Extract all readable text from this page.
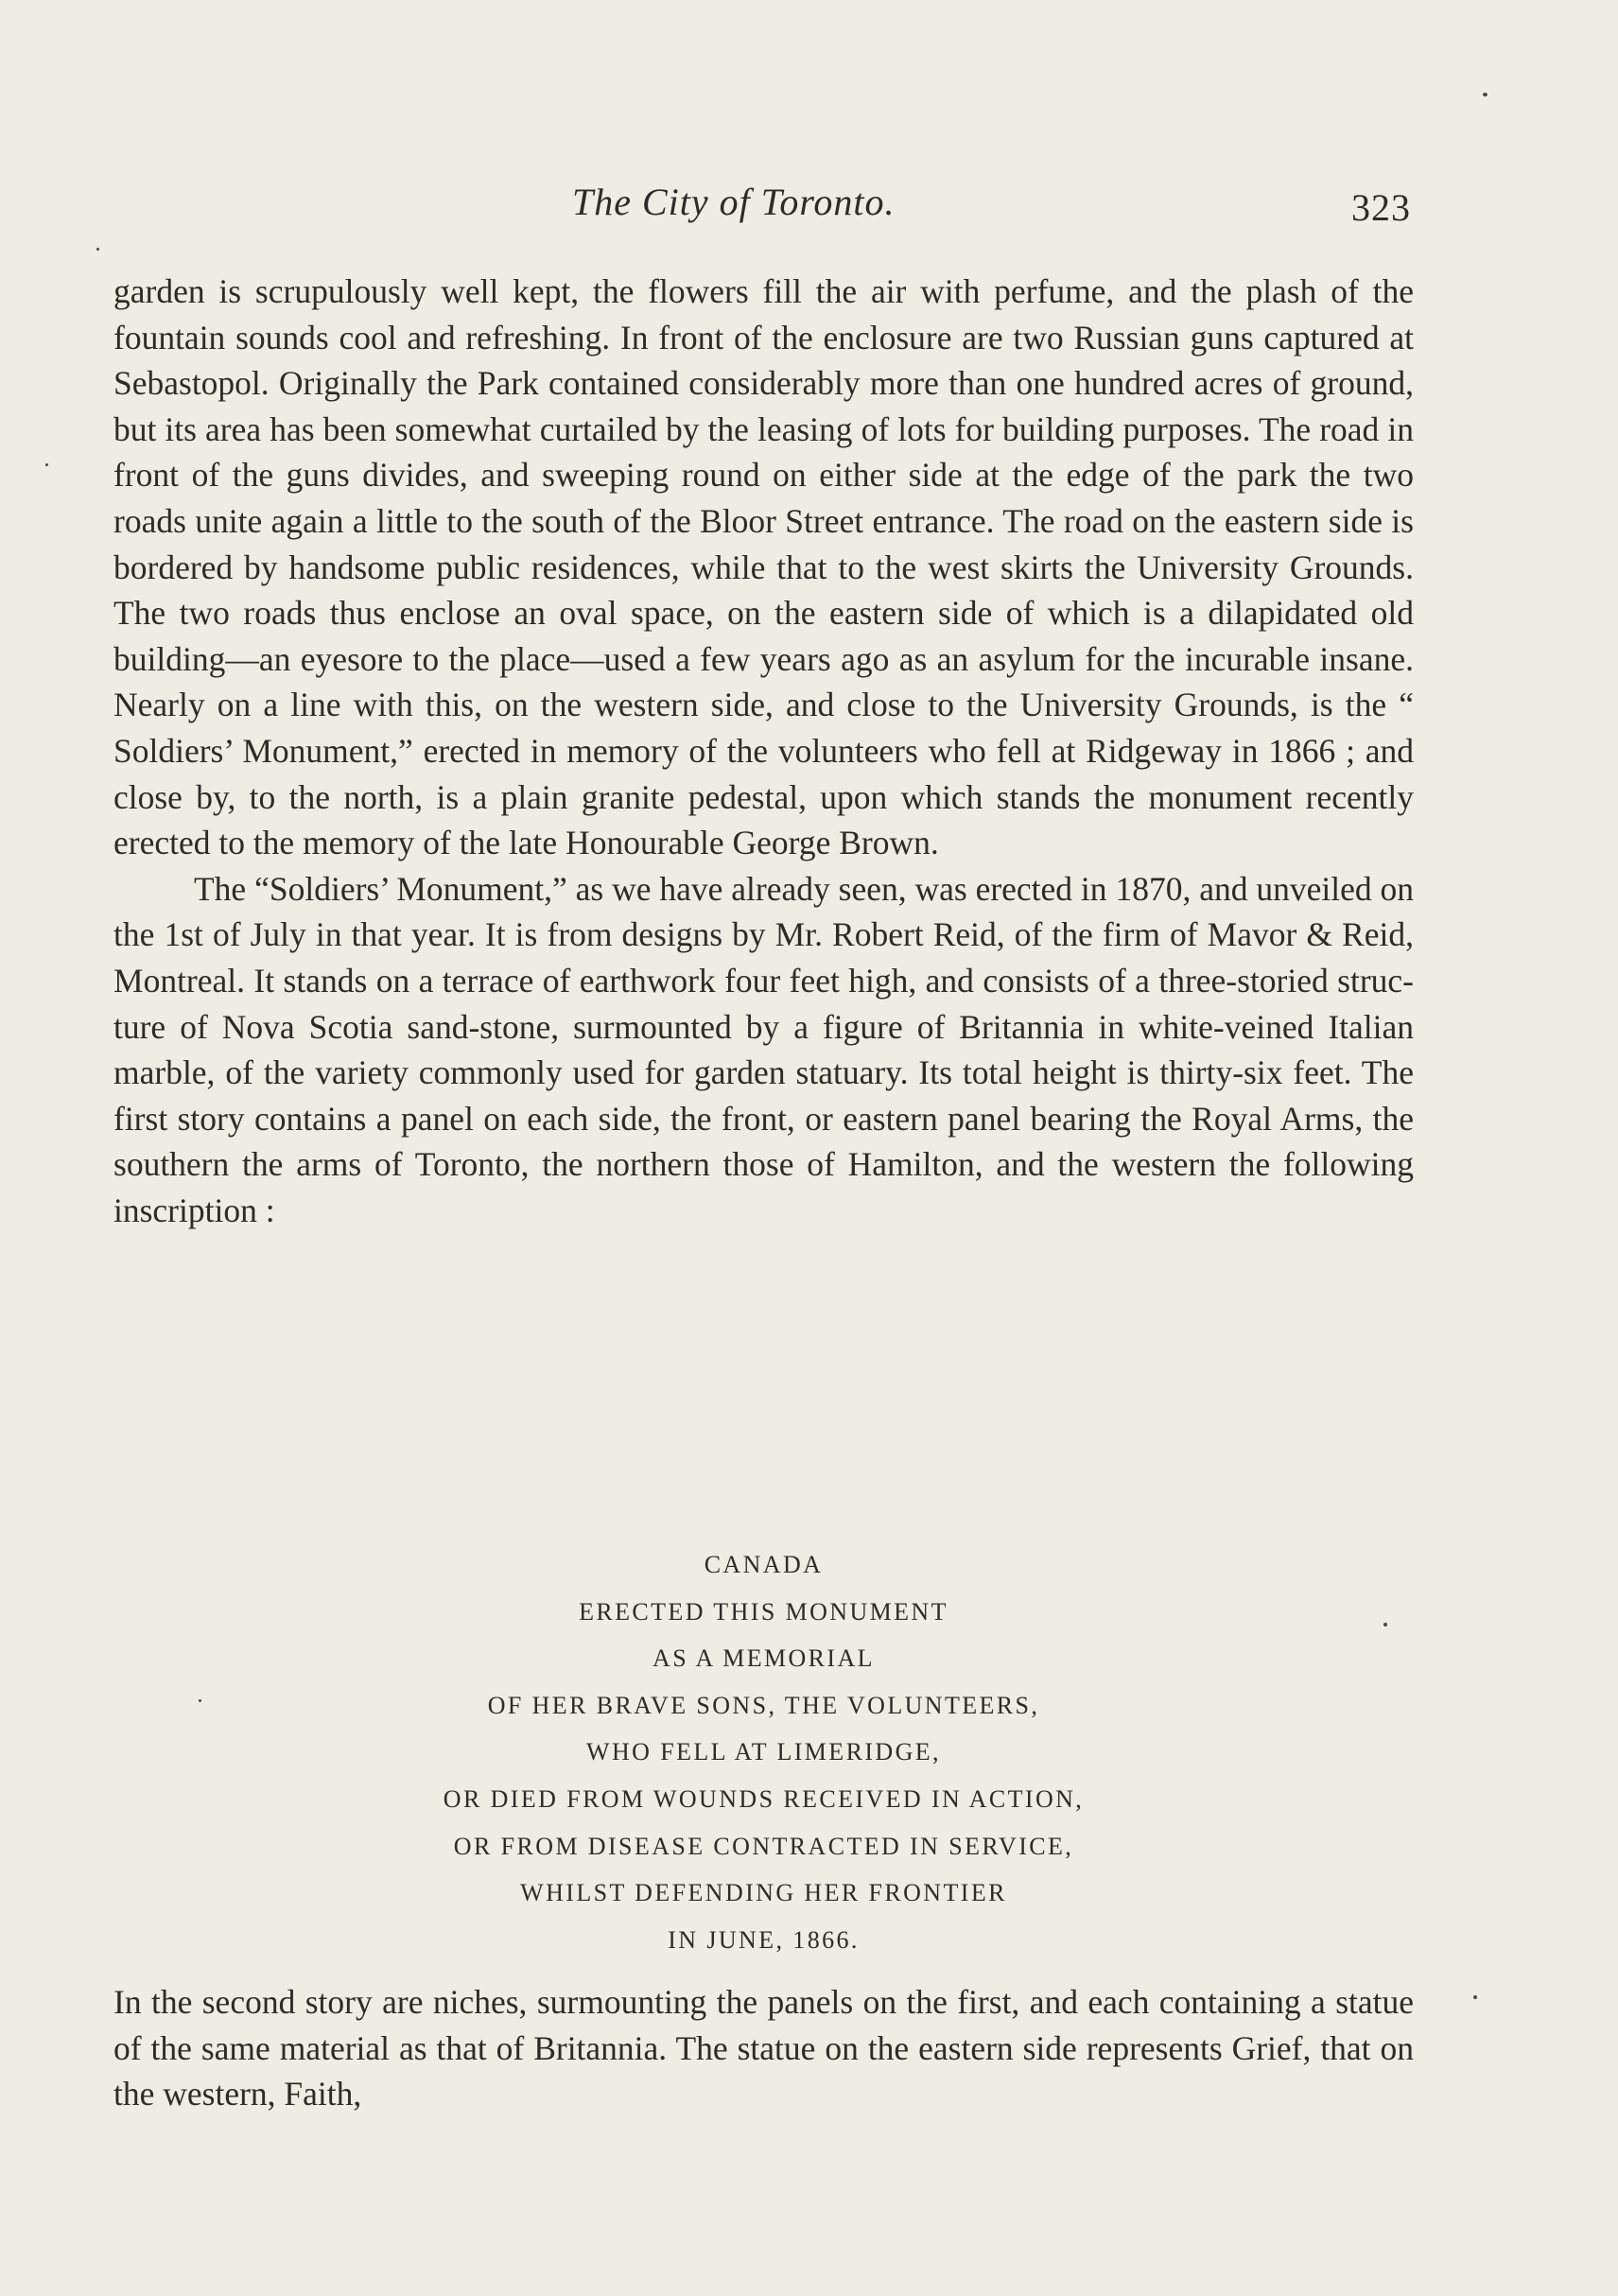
The City of Toronto.	323

garden is scrupulously well kept, the flowers fill the air with perfume, and the plash of the fountain sounds cool and refreshing. In front of the enclosure are two Russian guns captured at Sebastopol. Originally the Park contained considerably more than one hundred acres of ground, but its area has been somewhat curtailed by the leasing of lots for building purposes. The road in front of the guns divides, and sweeping round on either side at the edge of the park the two roads unite again a little to the south of the Bloor Street entrance. The road on the eastern side is bordered by handsome public residences, while that to the west skirts the University Grounds. The two roads thus enclose an oval space, on the eastern side of which is a dilapidated old building—an eyesore to the place—used a few years ago as an asylum for the incurable insane. Nearly on a line with this, on the western side, and close to the University Grounds, is the “ Soldiers’ Monument,” erected in memory of the volunteers who fell at Ridgeway in 1866 ; and close by, to the north, is a plain granite pedestal, upon which stands the monument recently erected to the memory of the late Honourable George Brown.

The “Soldiers’ Monument,” as we have already seen, was erected in 1870, and unveiled on the 1st of July in that year. It is from designs by Mr. Robert Reid, of the firm of Mavor & Reid, Montreal. It stands on a terrace of earthwork four feet high, and consists of a three-storied struc-ture of Nova Scotia sand-stone, surmounted by a figure of Britannia in white-veined Italian marble, of the variety commonly used for garden statuary. Its total height is thirty-six feet. The first story contains a panel on each side, the front, or eastern panel bearing the Royal Arms, the southern the arms of Toronto, the northern those of Hamilton, and the western the following inscription :

CANADA
ERECTED THIS MONUMENT
AS A MEMORIAL
OF HER BRAVE SONS, THE VOLUNTEERS,
WHO FELL AT LIMERIDGE,
OR DIED FROM WOUNDS RECEIVED IN ACTION,
OR FROM DISEASE CONTRACTED IN SERVICE,
WHILST DEFENDING HER FRONTIER
IN JUNE, 1866.

In the second story are niches, surmounting the panels on the first, and each containing a statue of the same material as that of Britannia. The statue on the eastern side represents Grief, that on the western, Faith,
